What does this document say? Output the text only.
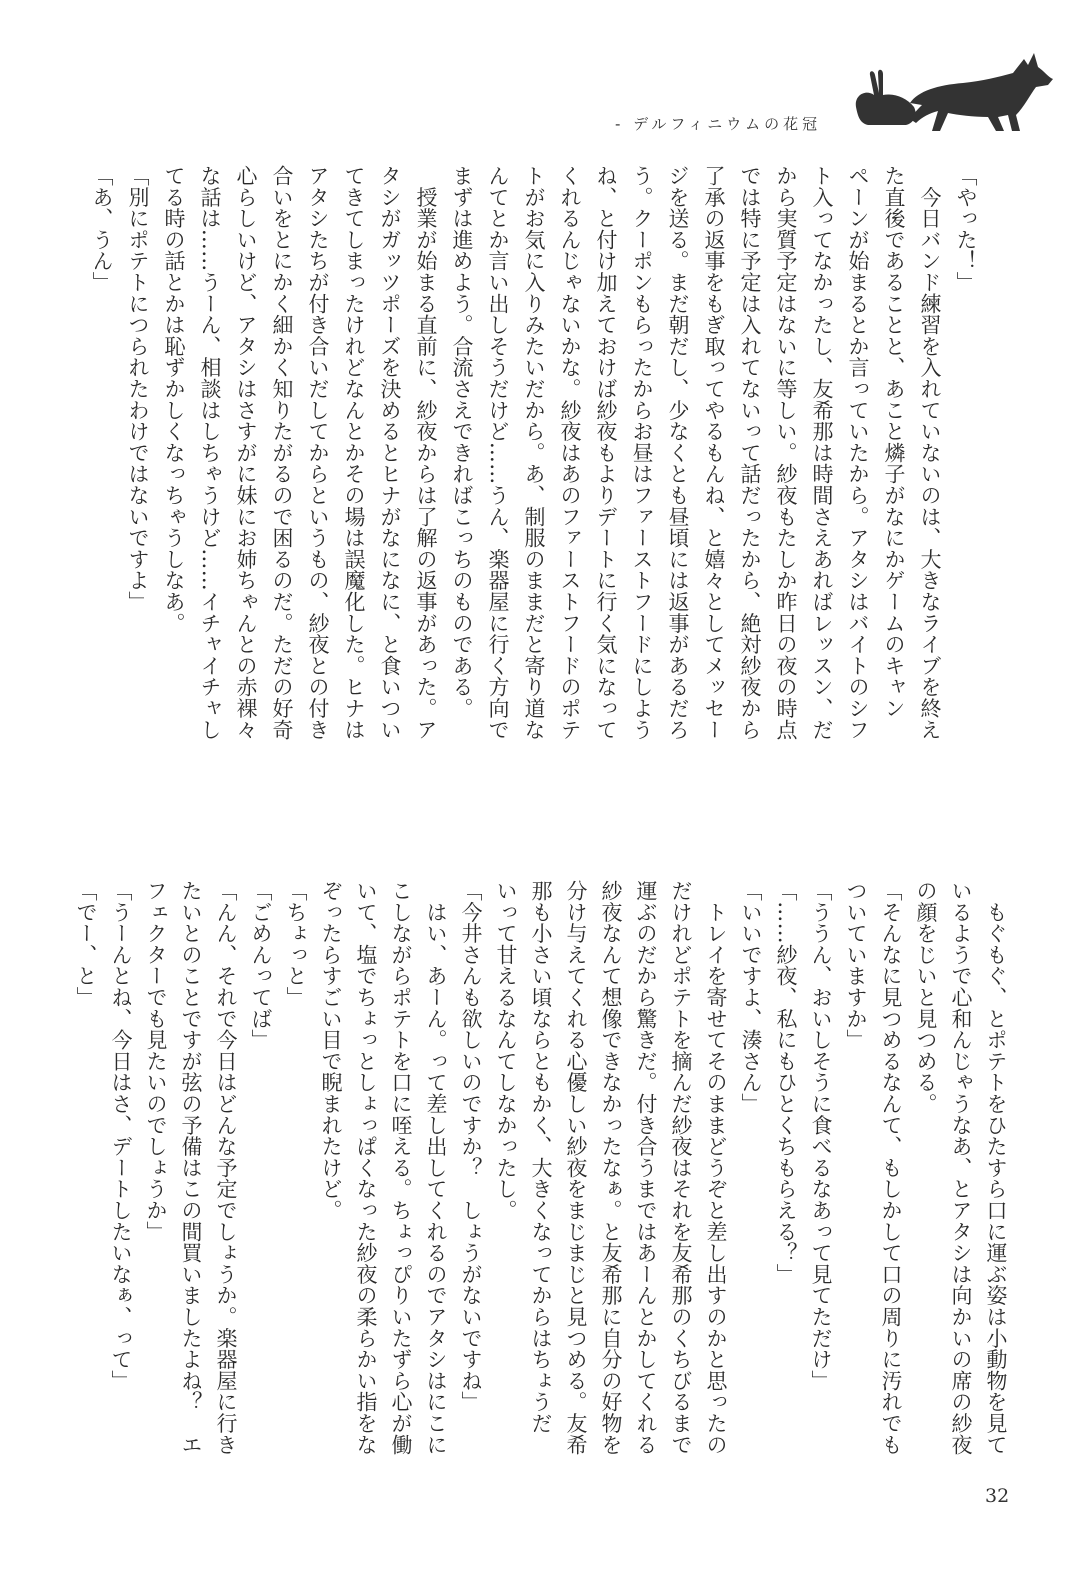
- デルフィニウムの花冠
「やった！」
　今日バンド練習を入れていないのは、大きなライブを終え
た直後であることと、あこと燐子がなにかゲームのキャン
ペーンが始まるとか言っていたから。アタシはバイトのシフ
ト入ってなかったし、友希那は時間さえあればレッスン、だ
から実質予定はないに等しい。紗夜もたしか昨日の夜の時点
では特に予定は入れてないって話だったから、絶対紗夜から
了承の返事をもぎ取ってやるもんね、と嬉々としてメッセー
ジを送る。まだ朝だし、少なくとも昼頃には返事があるだろ
う。クーポンもらったからお昼はファーストフードにしよう
ね、と付け加えておけば紗夜もよりデートに行く気になって
くれるんじゃないかな。紗夜はあのファーストフードのポテ
トがお気に入りみたいだから。あ、制服のままだと寄り道な
んてとか言い出しそうだけど……うん、楽器屋に行く方向で
まずは進めよう。合流さえできればこっちのものである。
　授業が始まる直前に、紗夜からは了解の返事があった。ア
タシがガッツポーズを決めるとヒナがなになに、と食いつい
てきてしまったけれどなんとかその場は誤魔化した。ヒナは
アタシたちが付き合いだしてからというもの、紗夜との付き
合いをとにかく細かく知りたがるので困るのだ。ただの好奇
心らしいけど、アタシはさすがに妹にお姉ちゃんとの赤裸々
な話は……うーん、相談はしちゃうけど……イチャイチャし
てる時の話とかは恥ずかしくなっちゃうしなあ。
「別にポテトにつられたわけではないですよ」
「あ、うん」
　もぐもぐ、とポテトをひたすら口に運ぶ姿は小動物を見て
いるようで心和んじゃうなあ、とアタシは向かいの席の紗夜
の顔をじいと見つめる。
「そんなに見つめるなんて、もしかして口の周りに汚れでも
ついていますか」
「ううん、おいしそうに食べるなあって見てただけ」
「……紗夜、私にもひとくちもらえる？」
「いいですよ、湊さん」
　トレイを寄せてそのままどうぞと差し出すのかと思ったの
だけれどポテトを摘んだ紗夜はそれを友希那のくちびるまで
運ぶのだから驚きだ。付き合うまではあーんとかしてくれる
紗夜なんて想像できなかったなぁ。と友希那に自分の好物を
分け与えてくれる心優しい紗夜をまじまじと見つめる。友希
那も小さい頃ならともかく、大きくなってからはちょうだ
いって甘えるなんてしなかったし。
「今井さんも欲しいのですか？　しょうがないですね」
　はい、あーん。って差し出してくれるのでアタシはにこに
こしながらポテトを口に咥える。ちょっぴりいたずら心が働
いて、塩でちょっとしょっぱくなった紗夜の柔らかい指をな
ぞったらすごい目で睨まれたけど。
「ちょっと」
「ごめんってば」
「んん、それで今日はどんな予定でしょうか。楽器屋に行き
たいとのことですが弦の予備はこの間買いましたよね？　エ
フェクターでも見たいのでしょうか」
「うーんとね、今日はさ、デートしたいなぁ、って」
「でー、と」
32
